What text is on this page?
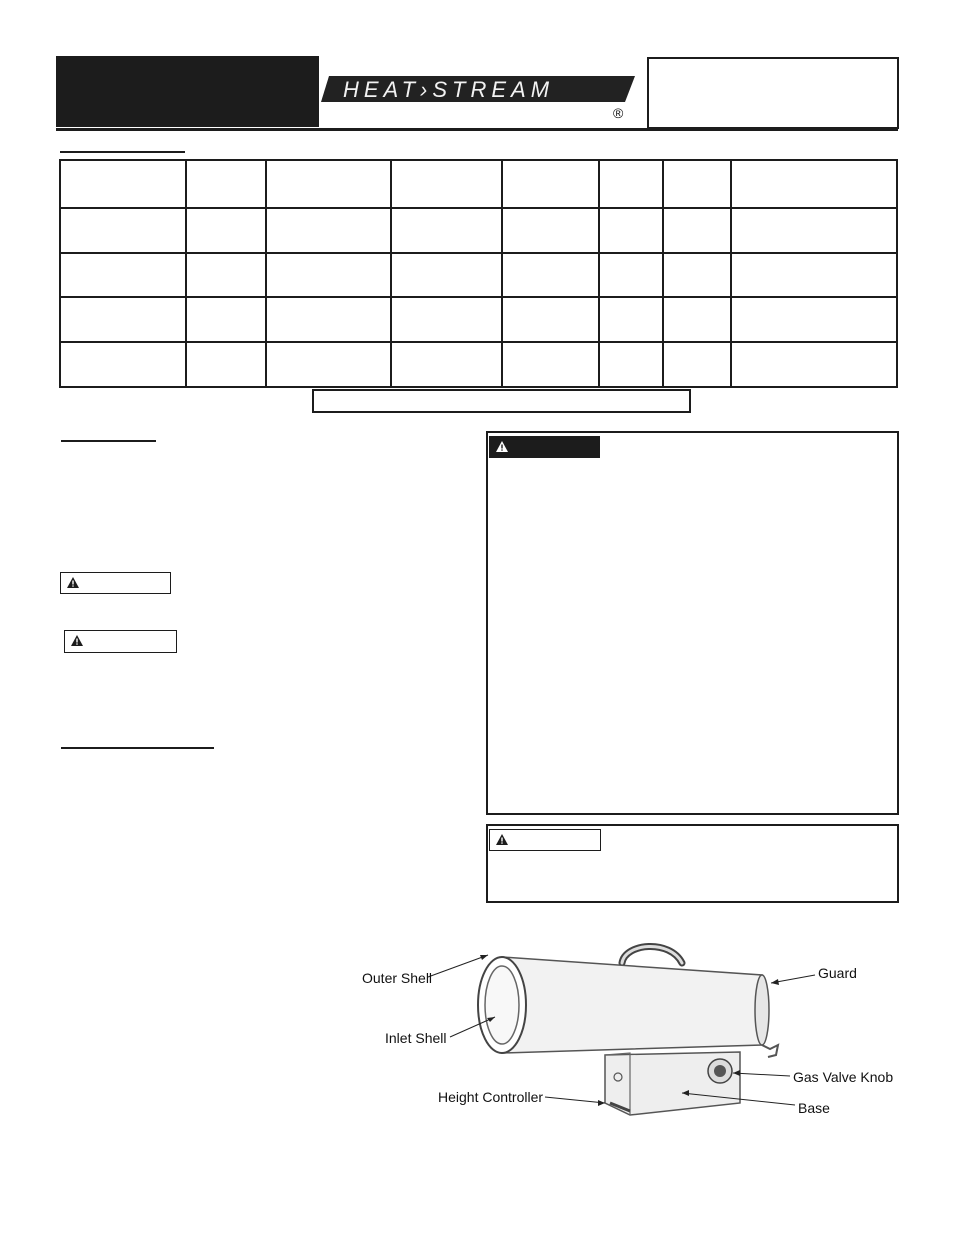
HEAT›STREAM
®

Outer Shell
Inlet Shell
Height Controller
Guard
Gas Valve Knob
Base
